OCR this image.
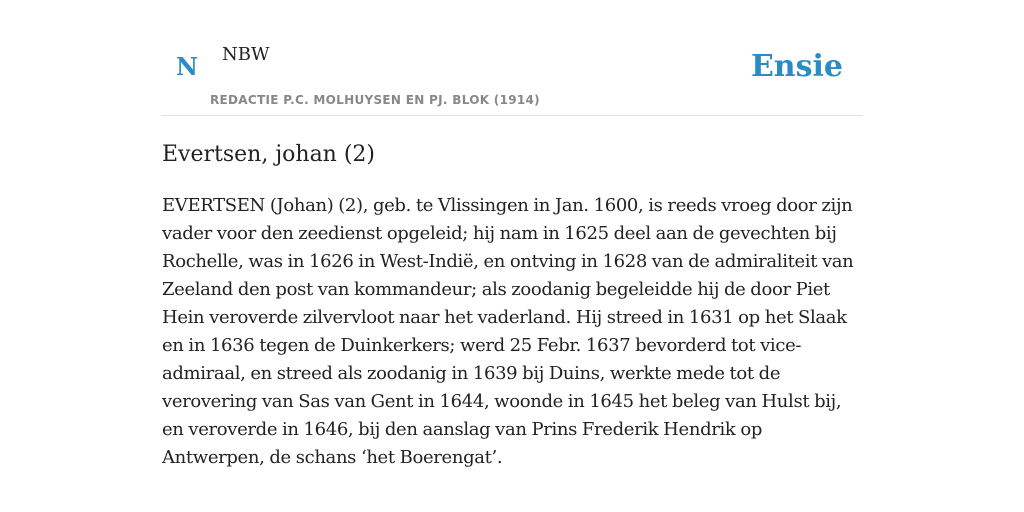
N NBW
REDACTIE P.C. MOLHUYSEN EN PJ. BLOK (1914)
Ensie
Evertsen, johan (2)

EVERTSEN (Johan) (2), geb. te Vlissingen in Jan. 1600, is reeds vroeg door zijn vader voor den zeedienst opgeleid; hij nam in 1625 deel aan de gevechten bij Rochelle, was in 1626 in West-Indië, en ontving in 1628 van de admiraliteit van Zeeland den post van kommandeur; als zoodanig begeleidde hij de door Piet Hein veroverde zilvervloot naar het vaderland. Hij streed in 1631 op het Slaak en in 1636 tegen de Duinkerkers; werd 25 Febr. 1637 bevorderd tot vice-admiraal, en streed als zoodanig in 1639 bij Duins, werkte mede tot de verovering van Sas van Gent in 1644, woonde in 1645 het beleg van Hulst bij, en veroverde in 1646, bij den aanslag van Prins Frederik Hendrik op Antwerpen, de schans ‘het Boerengat’.
